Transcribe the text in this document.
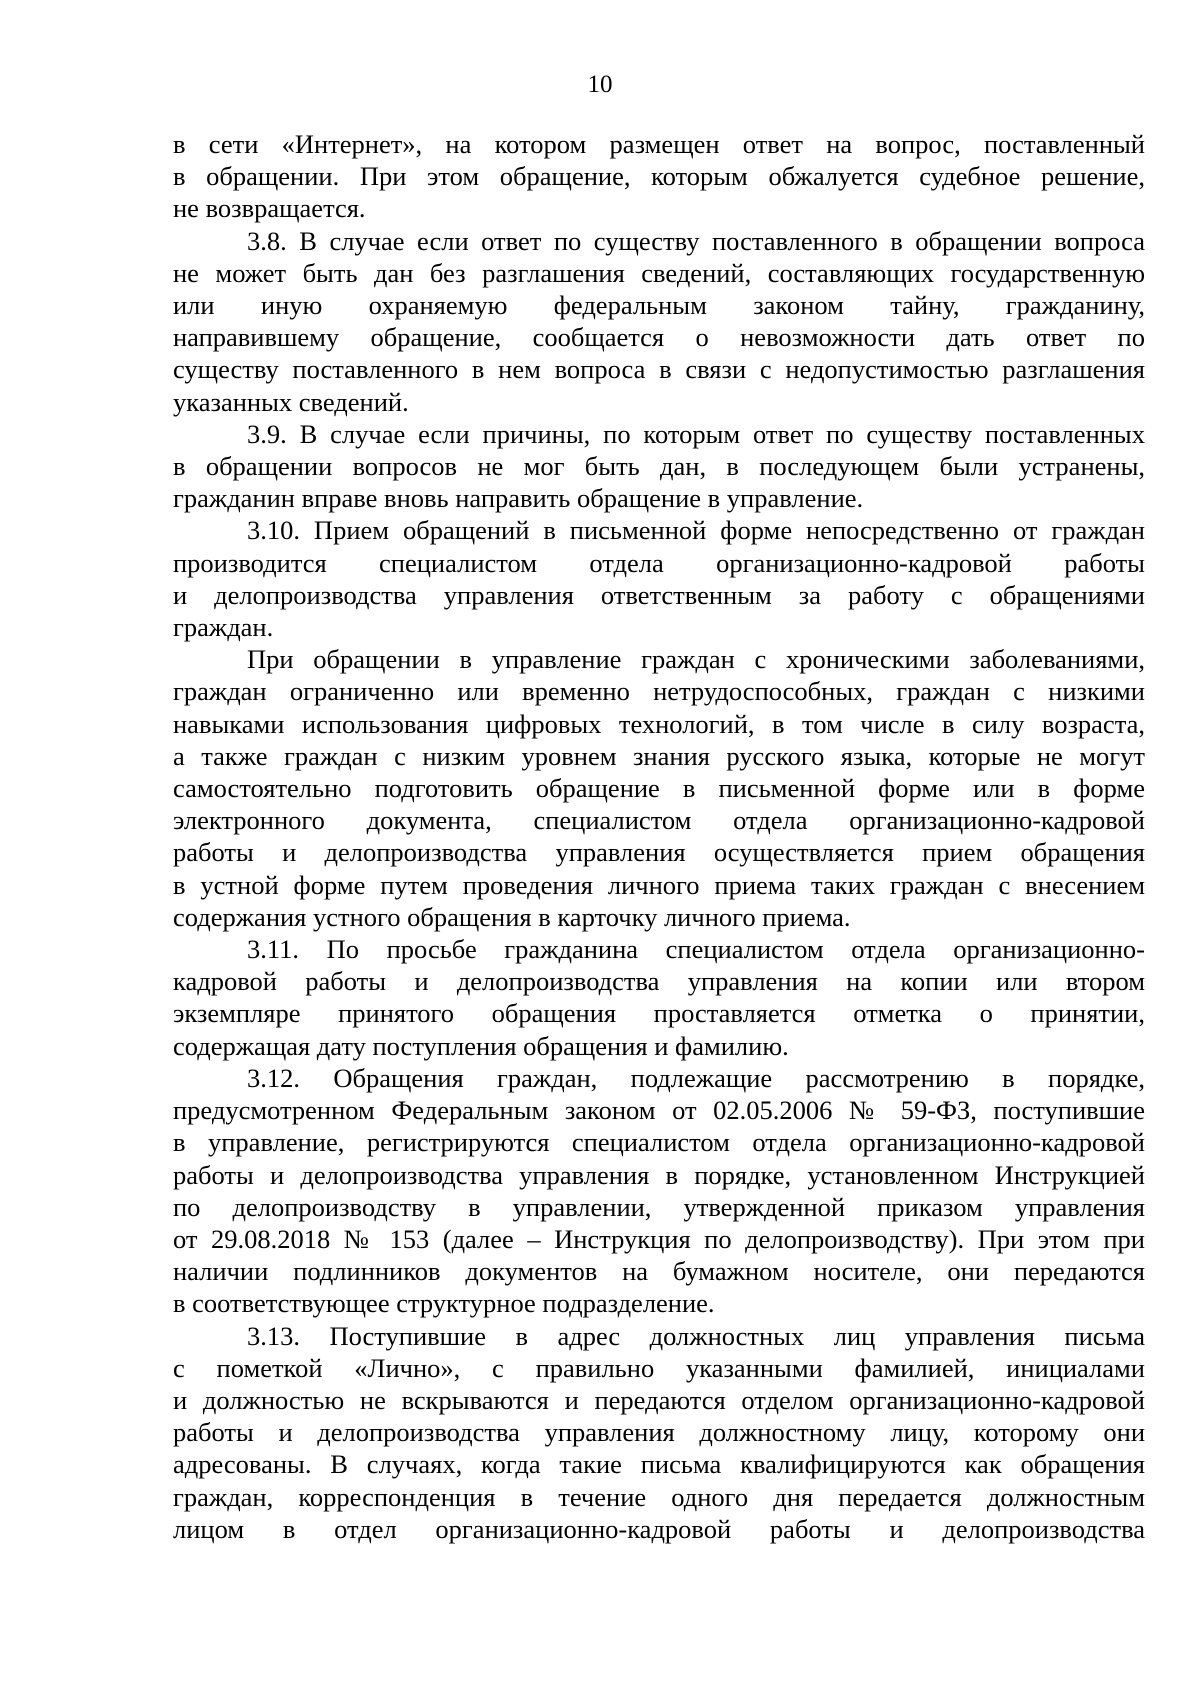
10
в сети «Интернет», на котором размещен ответ на вопрос, поставленный
в обращении. При этом обращение, которым обжалуется судебное решение,
не возвращается.
3.8. В случае если ответ по существу поставленного в обращении вопроса
не может быть дан без разглашения сведений, составляющих государственную
или иную охраняемую федеральным законом тайну, гражданину,
направившему обращение, сообщается о невозможности дать ответ по
существу поставленного в нем вопроса в связи с недопустимостью разглашения
указанных сведений.
3.9. В случае если причины, по которым ответ по существу поставленных
в обращении вопросов не мог быть дан, в последующем были устранены,
гражданин вправе вновь направить обращение в управление.
3.10. Прием обращений в письменной форме непосредственно от граждан
производится специалистом отдела организационно-кадровой работы
и делопроизводства управления ответственным за работу с обращениями
граждан.
При обращении в управление граждан с хроническими заболеваниями,
граждан ограниченно или временно нетрудоспособных, граждан с низкими
навыками использования цифровых технологий, в том числе в силу возраста,
а также граждан с низким уровнем знания русского языка, которые не могут
самостоятельно подготовить обращение в письменной форме или в форме
электронного документа, специалистом отдела организационно-кадровой
работы и делопроизводства управления осуществляется прием обращения
в устной форме путем проведения личного приема таких граждан с внесением
содержания устного обращения в карточку личного приема.
3.11. По просьбе гражданина специалистом отдела организационно-
кадровой работы и делопроизводства управления на копии или втором
экземпляре принятого обращения проставляется отметка о принятии,
содержащая дату поступления обращения и фамилию.
3.12. Обращения граждан, подлежащие рассмотрению в порядке,
предусмотренном Федеральным законом от 02.05.2006 № 59-ФЗ, поступившие
в управление, регистрируются специалистом отдела организационно-кадровой
работы и делопроизводства управления в порядке, установленном Инструкцией
по делопроизводству в управлении, утвержденной приказом управления
от 29.08.2018 № 153 (далее – Инструкция по делопроизводству). При этом при
наличии подлинников документов на бумажном носителе, они передаются
в соответствующее структурное подразделение.
3.13. Поступившие в адрес должностных лиц управления письма
с пометкой «Лично», с правильно указанными фамилией, инициалами
и должностью не вскрываются и передаются отделом организационно-кадровой
работы и делопроизводства управления должностному лицу, которому они
адресованы. В случаях, когда такие письма квалифицируются как обращения
граждан, корреспонденция в течение одного дня передается должностным
лицом в отдел организационно-кадровой работы и делопроизводства
